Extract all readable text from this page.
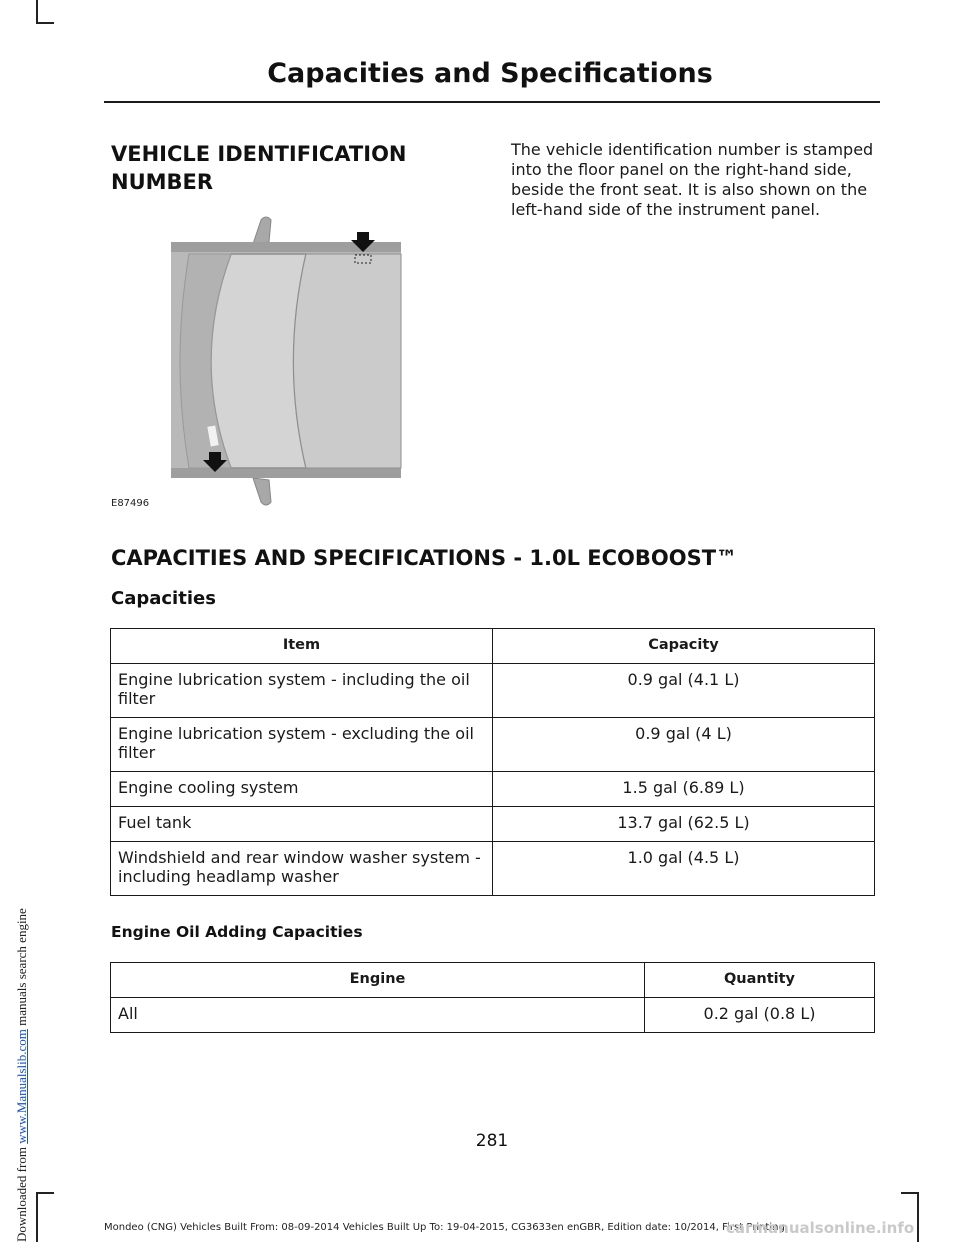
Downloaded from www.Manualslib.com manuals search engine
Capacities and Specifications
VEHICLE IDENTIFICATION
NUMBER
The vehicle identification number is stamped into the floor panel on the right-hand side, beside the front seat. It is also shown on the left-hand side of the instrument panel.
E87496
CAPACITIES AND SPECIFICATIONS - 1.0L ECOBOOST™
Capacities
Item	Capacity
Engine lubrication system - including the oil filter	0.9 gal (4.1 L)
Engine lubrication system - excluding the oil filter	0.9 gal (4 L)
Engine cooling system	1.5 gal (6.89 L)
Fuel tank	13.7 gal (62.5 L)
Windshield and rear window washer system - including headlamp washer	1.0 gal (4.5 L)
Engine Oil Adding Capacities
Engine	Quantity
All	0.2 gal (0.8 L)
281
Mondeo (CNG) Vehicles Built From: 08-09-2014 Vehicles Built Up To: 19-04-2015, CG3633en enGBR, Edition date: 10/2014, First Printing
carmanualsonline.info
